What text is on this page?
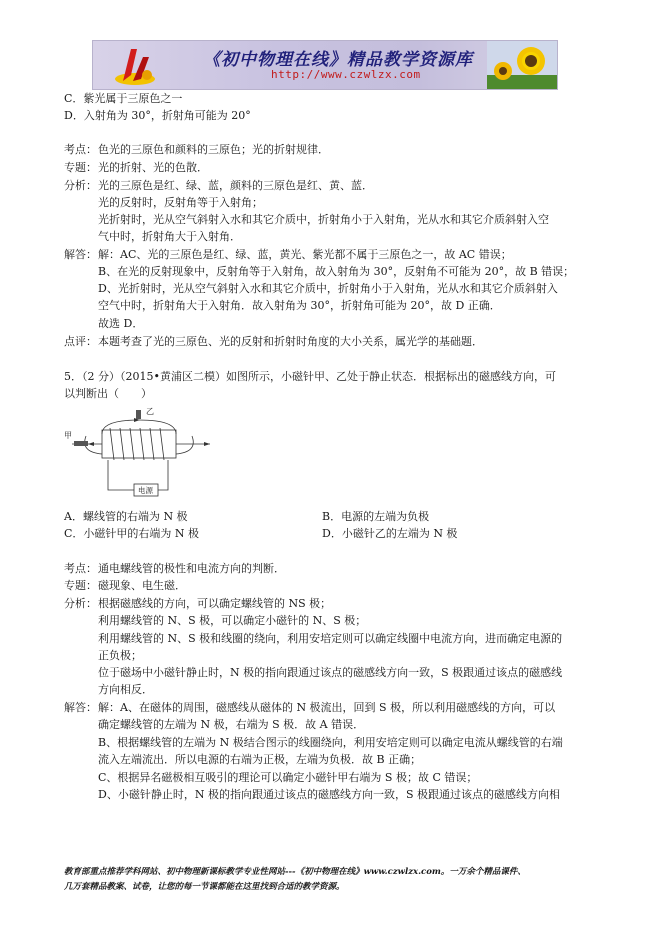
《初中物理在线》精品教学资源库
http://www.czwlzx.com
C．紫光属于三原色之一
D．入射角为 30°，折射角可能为 20°
考点： 色光的三原色和颜料的三原色；光的折射规律．
专题： 光的折射、光的色散．
分析： 光的三原色是红、绿、蓝，颜料的三原色是红、黄、蓝．
光的反射时，反射角等于入射角；
光折射时，光从空气斜射入水和其它介质中，折射角小于入射角，光从水和其它介质斜射入空
气中时，折射角大于入射角．
解答： 解：AC、光的三原色是红、绿、蓝，黄光、紫光都不属于三原色之一，故 AC 错误；
B、在光的反射现象中，反射角等于入射角，故入射角为 30°，反射角不可能为 20°，故 B 错误；
D、光折射时，光从空气斜射入水和其它介质中，折射角小于入射角，光从水和其它介质斜射入
空气中时，折射角大于入射角．故入射角为 30°，折射角可能为 20°，故 D 正确．
故选 D．
点评： 本题考查了光的三原色、光的反射和折射时角度的大小关系，属光学的基础题．
5．（2 分）（2015•黄浦区二模）如图所示，小磁针甲、乙处于静止状态．根据标出的磁感线方向，可
以判断出（　　）
甲
乙
电源
A．螺线管的右端为 N 极	B．电源的左端为负极
C．小磁针甲的右端为 N 极	D．小磁针乙的左端为 N 极
考点： 通电螺线管的极性和电流方向的判断．
专题： 磁现象、电生磁．
分析： 根据磁感线的方向，可以确定螺线管的 NS 极；
利用螺线管的 N、S 极，可以确定小磁针的 N、S 极；
利用螺线管的 N、S 极和线圈的绕向，利用安培定则可以确定线圈中电流方向，进而确定电源的
正负极；
位于磁场中小磁针静止时，N 极的指向跟通过该点的磁感线方向一致，S 极跟通过该点的磁感线
方向相反．
解答： 解：A、在磁体的周围，磁感线从磁体的 N 极流出，回到 S 极，所以利用磁感线的方向，可以
确定螺线管的左端为 N 极，右端为 S 极．故 A 错误．
B、根据螺线管的左端为 N 极结合图示的线圈绕向，利用安培定则可以确定电流从螺线管的右端
流入左端流出．所以电源的右端为正极，左端为负极．故 B 正确；
C、根据异名磁极相互吸引的理论可以确定小磁针甲右端为 S 极；故 C 错误；
D、小磁针静止时，N 极的指向跟通过该点的磁感线方向一致，S 极跟通过该点的磁感线方向相
教育部重点推荐学科网站、初中物理新课标教学专业性网站---《初中物理在线》www.czwlzx.com。一万余个精品课件、
几万套精品教案、试卷，让您的每一节课都能在这里找到合适的教学资源。
